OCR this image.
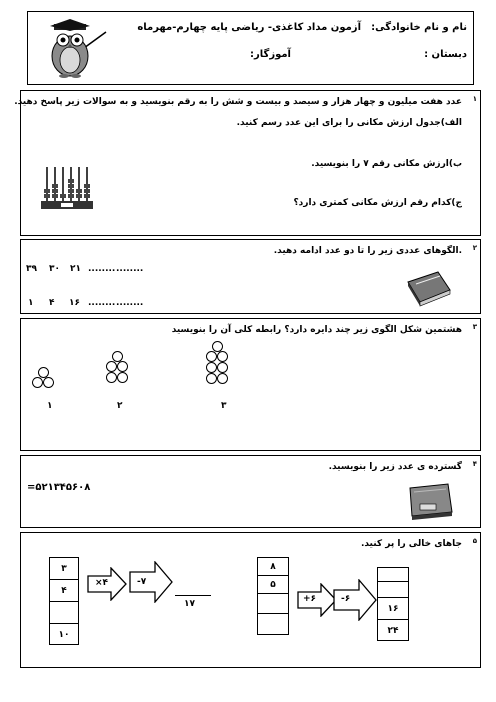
نام و نام خانوادگی:
آزمون مداد کاغذی- ریاضی پایه چهارم-مهرماه
دبستان :
آموزگار:
۱
عدد هفت میلیون و چهار هزار و سیصد و بیست و شش را به رقم بنویسید و به سوالات زیر پاسخ دهید.
الف)جدول ارزش مکانی را برای این عدد رسم کنید.
ب)ارزش مکانی رقم ۷ را بنویسید.
ج)کدام رقم ارزش مکانی کمتری دارد؟
۲
.الگوهای عددی زیر را تا دو عدد ادامه دهید.
۳۹ ۳۰ ۲۱ ........ ........
۱ ۴ ۱۶ ........ ........
۳
هشتمین شکل الگوی زیر چند دایره دارد؟ رابطه کلی آن را بنویسید
۱	۲	۳
۴
گسترده ی عدد زیر را بنویسید.
=۵۲۱۳۴۵۶۰۸
۵
جاهای خالی را پر کنید.
۳
۴
۱۰
×۴	-۷
۱۷
۸
۵
+۶	-۶
۱۶
۲۴
